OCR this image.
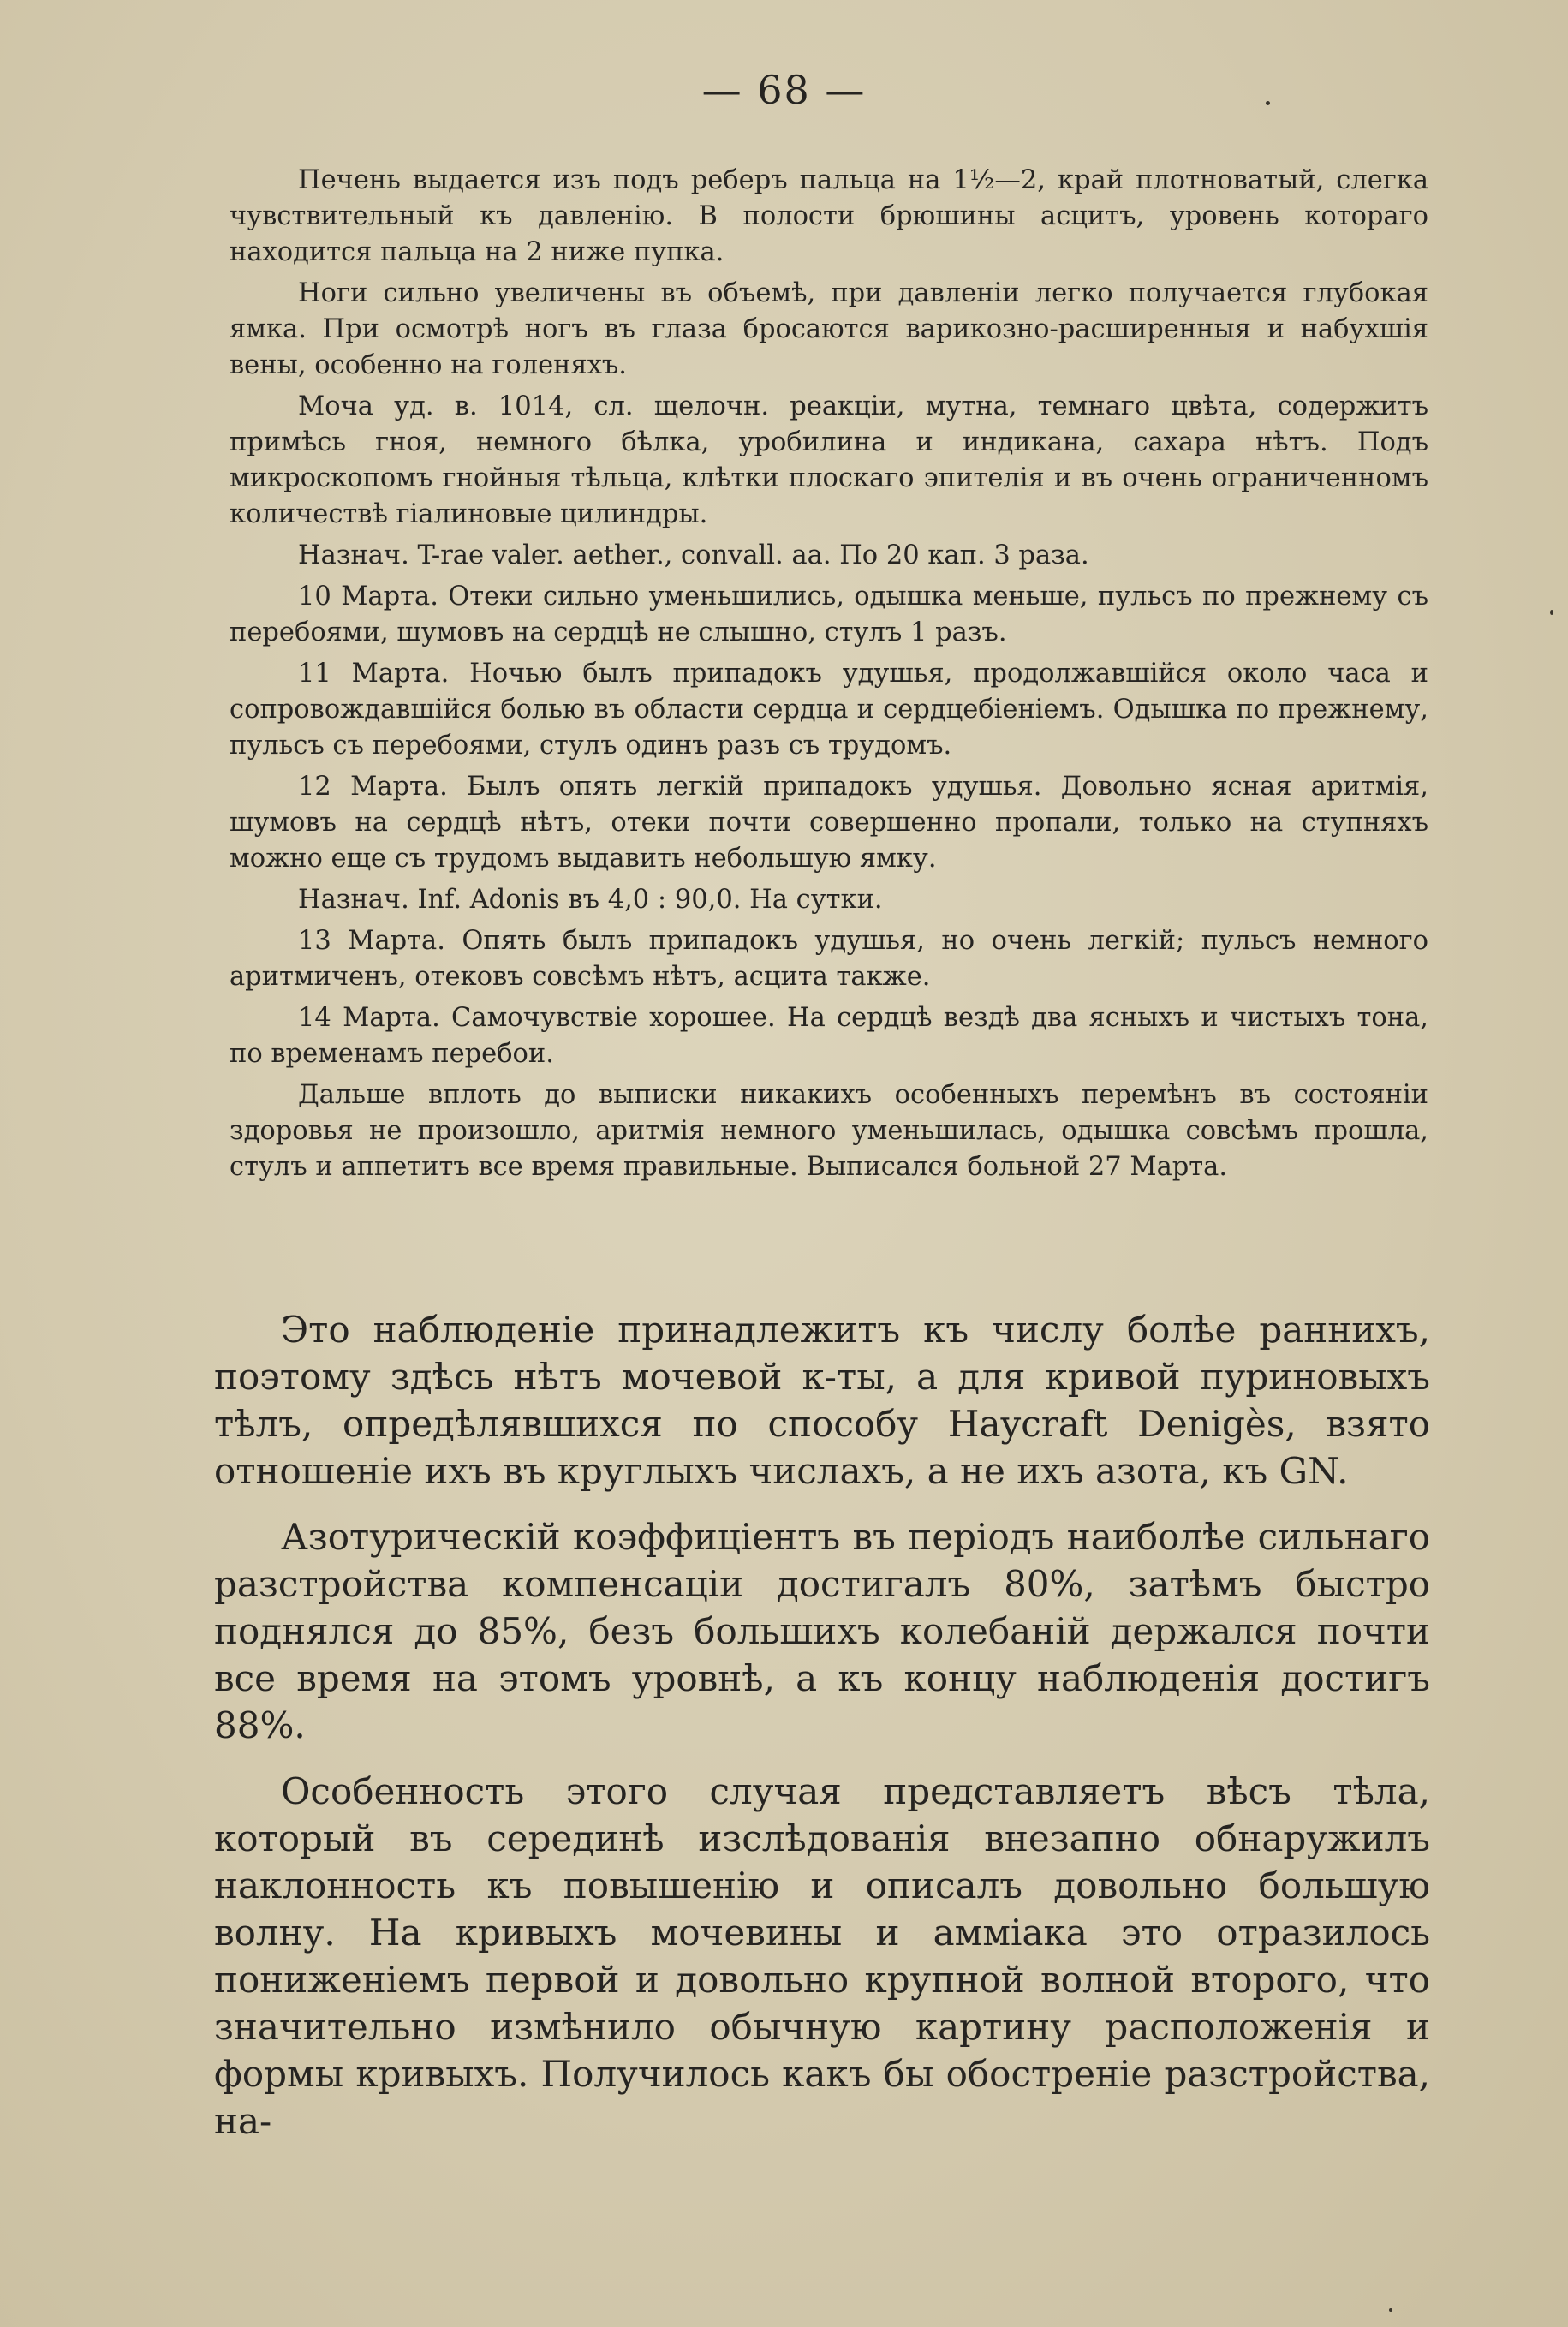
— 68 —

Печень выдается изъ подъ реберъ пальца на 1½—2, край плотноватый, слегка чувствительный къ давленію. В полости брюшины асцитъ, уровень котораго находится пальца на 2 ниже пупка.

Ноги сильно увеличены въ объемѣ, при давленіи легко получается глубокая ямка. При осмотрѣ ногъ въ глаза бросаются варикозно-расширенныя и набухшія вены, особенно на голеняхъ.

Моча уд. в. 1014, сл. щелочн. реакціи, мутна, темнаго цвѣта, содержитъ примѣсь гноя, немного бѣлка, уробилина и индикана, сахара нѣтъ. Подъ микроскопомъ гнойныя тѣльца, клѣтки плоскаго эпителія и въ очень ограниченномъ количествѣ гіалиновые цилиндры.

Назнач. T-rae valer. aether., convall. aa. По 20 кап. 3 раза.

10 Марта. Отеки сильно уменьшились, одышка меньше, пульсъ по прежнему съ перебоями, шумовъ на сердцѣ не слышно, стулъ 1 разъ.

11 Марта. Ночью былъ припадокъ удушья, продолжавшійся около часа и сопровождавшійся болью въ области сердца и сердцебіеніемъ. Одышка по прежнему, пульсъ съ перебоями, стулъ одинъ разъ съ трудомъ.

12 Марта. Былъ опять легкій припадокъ удушья. Довольно ясная аритмія, шумовъ на сердцѣ нѣтъ, отеки почти совершенно пропали, только на ступняхъ можно еще съ трудомъ выдавить небольшую ямку.

Назнач. Inf. Adonis въ 4,0 : 90,0. На сутки.

13 Марта. Опять былъ припадокъ удушья, но очень легкій; пульсъ немного аритмиченъ, отековъ совсѣмъ нѣтъ, асцита также.

14 Марта. Самочувствіе хорошее. На сердцѣ вездѣ два ясныхъ и чистыхъ тона, по временамъ перебои.

Дальше вплоть до выписки никакихъ особенныхъ перемѣнъ въ состояніи здоровья не произошло, аритмія немного уменьшилась, одышка совсѣмъ прошла, стулъ и аппетитъ все время правильные. Выписался больной 27 Марта.

Это наблюденіе принадлежитъ къ числу болѣе раннихъ, поэтому здѣсь нѣтъ мочевой к-ты, а для кривой пуриновыхъ тѣлъ, опредѣлявшихся по способу Haycraft Denigès, взято отношеніе ихъ въ круглыхъ числахъ, а не ихъ азота, къ GN.

Азотурическій коэффиціентъ въ періодъ наиболѣе сильнаго разстройства компенсаціи достигалъ 80%, затѣмъ быстро поднялся до 85%, безъ большихъ колебаній держался почти все время на этомъ уровнѣ, а къ концу наблюденія достигъ 88%.

Особенность этого случая представляетъ вѣсъ тѣла, который въ серединѣ изслѣдованія внезапно обнаружилъ наклонность къ повышенію и описалъ довольно большую волну. На кривыхъ мочевины и амміака это отразилось пониженіемъ первой и довольно крупной волной второго, что значительно измѣнило обычную картину расположенія и формы кривыхъ. Получилось какъ бы обостреніе разстройства, на-
